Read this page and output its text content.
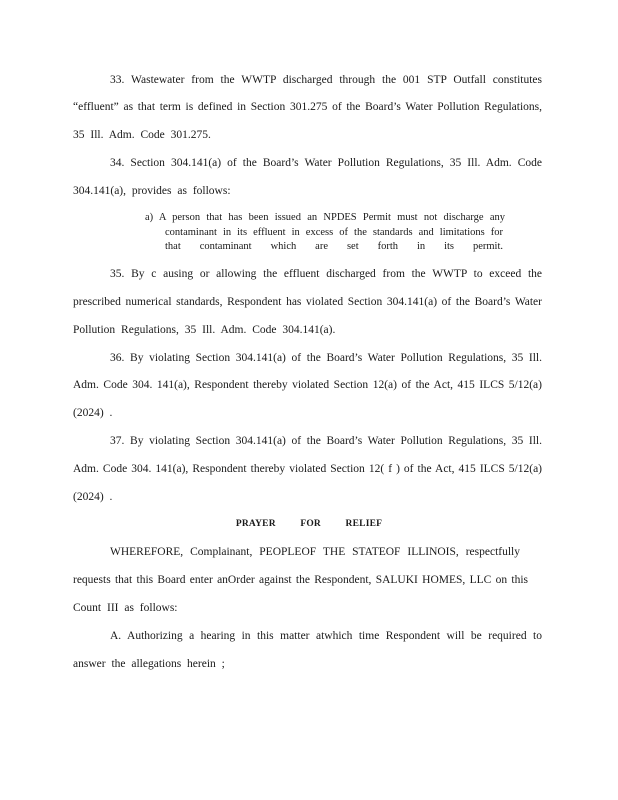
33. Wastewater from the WWTP discharged through the 001 STP Outfall constitutes
“effluent” as that term is defined in Section 301.275 of the Board’s Water Pollution Regulations,
35 Ill. Adm. Code 301.275.
34. Section 304.141(a) of the Board’s Water Pollution Regulations, 35 Ill. Adm. Code
304.141(a), provides as follows:
a) A person that has been issued an NPDES Permit must not discharge any
contaminant in its effluent in excess of the standards and limitations for
that contaminant which are set forth in its permit.
35. By c ausing or allowing the effluent discharged from the WWTP to exceed the
prescribed numerical standards, Respondent has violated Section 304.141(a) of the Board’s Water
Pollution Regulations, 35 Ill. Adm. Code 304.141(a).
36. By violating Section 304.141(a) of the Board’s Water Pollution Regulations, 35 Ill.
Adm. Code 304. 141(a), Respondent thereby violated Section 12(a) of the Act, 415 ILCS 5/12(a)
(2024) .
37. By violating Section 304.141(a) of the Board’s Water Pollution Regulations, 35 Ill.
Adm. Code 304. 141(a), Respondent thereby violated Section 12( f ) of the Act, 415 ILCS 5/12(a)
(2024) .
PRAYER FOR RELIEF
WHEREFORE, Complainant, PEOPLEOF THE STATEOF ILLINOIS, respectfully
requests that this Board enter anOrder against the Respondent, SALUKI HOMES, LLC on this
Count III as follows:
A. Authorizing a hearing in this matter atwhich time Respondent will be required to
answer the allegations herein ;
